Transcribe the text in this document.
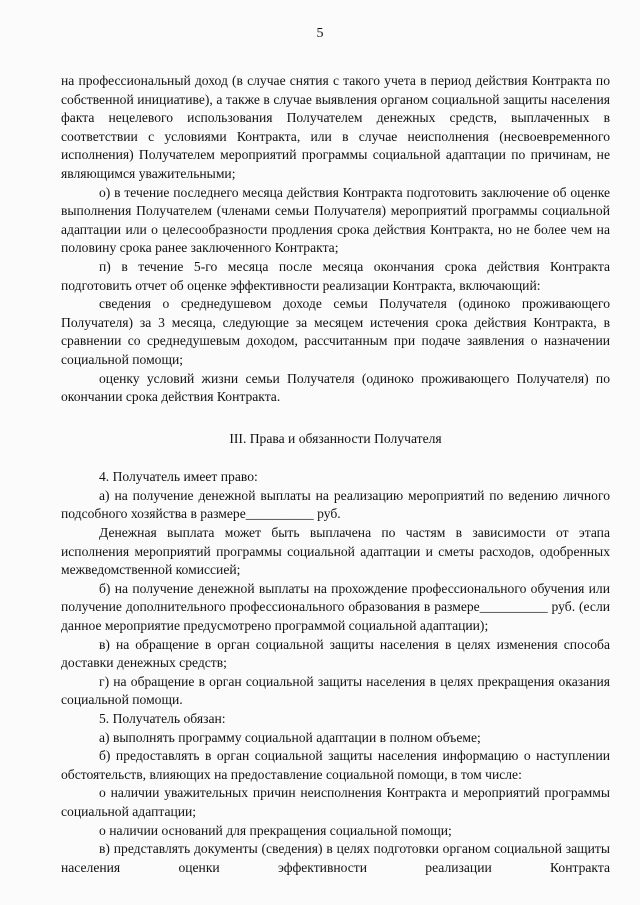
5

на профессиональный доход (в случае снятия с такого учета в период действия Контракта по собственной инициативе), а также в случае выявления органом социальной защиты населения факта нецелевого использования Получателем денежных средств, выплаченных в соответствии с условиями Контракта, или в случае неисполнения (несвоевременного исполнения) Получателем мероприятий программы социальной адаптации по причинам, не являющимся уважительными;

о) в течение последнего месяца действия Контракта подготовить заключение об оценке выполнения Получателем (членами семьи Получателя) мероприятий программы социальной адаптации или о целесообразности продления срока действия Контракта, но не более чем на половину срока ранее заключенного Контракта;

п) в течение 5-го месяца после месяца окончания срока действия Контракта подготовить отчет об оценке эффективности реализации Контракта, включающий:

сведения о среднедушевом доходе семьи Получателя (одиноко проживающего Получателя) за 3 месяца, следующие за месяцем истечения срока действия Контракта, в сравнении со среднедушевым доходом, рассчитанным при подаче заявления о назначении социальной помощи;

оценку условий жизни семьи Получателя (одиноко проживающего Получателя) по окончании срока действия Контракта.

III. Права и обязанности Получателя

4. Получатель имеет право:

а) на получение денежной выплаты на реализацию мероприятий по ведению личного подсобного хозяйства в размере__________ руб.

Денежная выплата может быть выплачена по частям в зависимости от этапа исполнения мероприятий программы социальной адаптации и сметы расходов, одобренных межведомственной комиссией;

б) на получение денежной выплаты на прохождение профессионального обучения или получение дополнительного профессионального образования в размере__________ руб. (если данное мероприятие предусмотрено программой социальной адаптации);

в) на обращение в орган социальной защиты населения в целях изменения способа доставки денежных средств;

г) на обращение в орган социальной защиты населения в целях прекращения оказания социальной помощи.

5. Получатель обязан:

а) выполнять программу социальной адаптации в полном объеме;

б) предоставлять в орган социальной защиты населения информацию о наступлении обстоятельств, влияющих на предоставление социальной помощи, в том числе:

о наличии уважительных причин неисполнения Контракта и мероприятий программы социальной адаптации;

о наличии оснований для прекращения социальной помощи;

в) представлять документы (сведения) в целях подготовки органом социальной защиты населения оценки эффективности реализации Контракта
